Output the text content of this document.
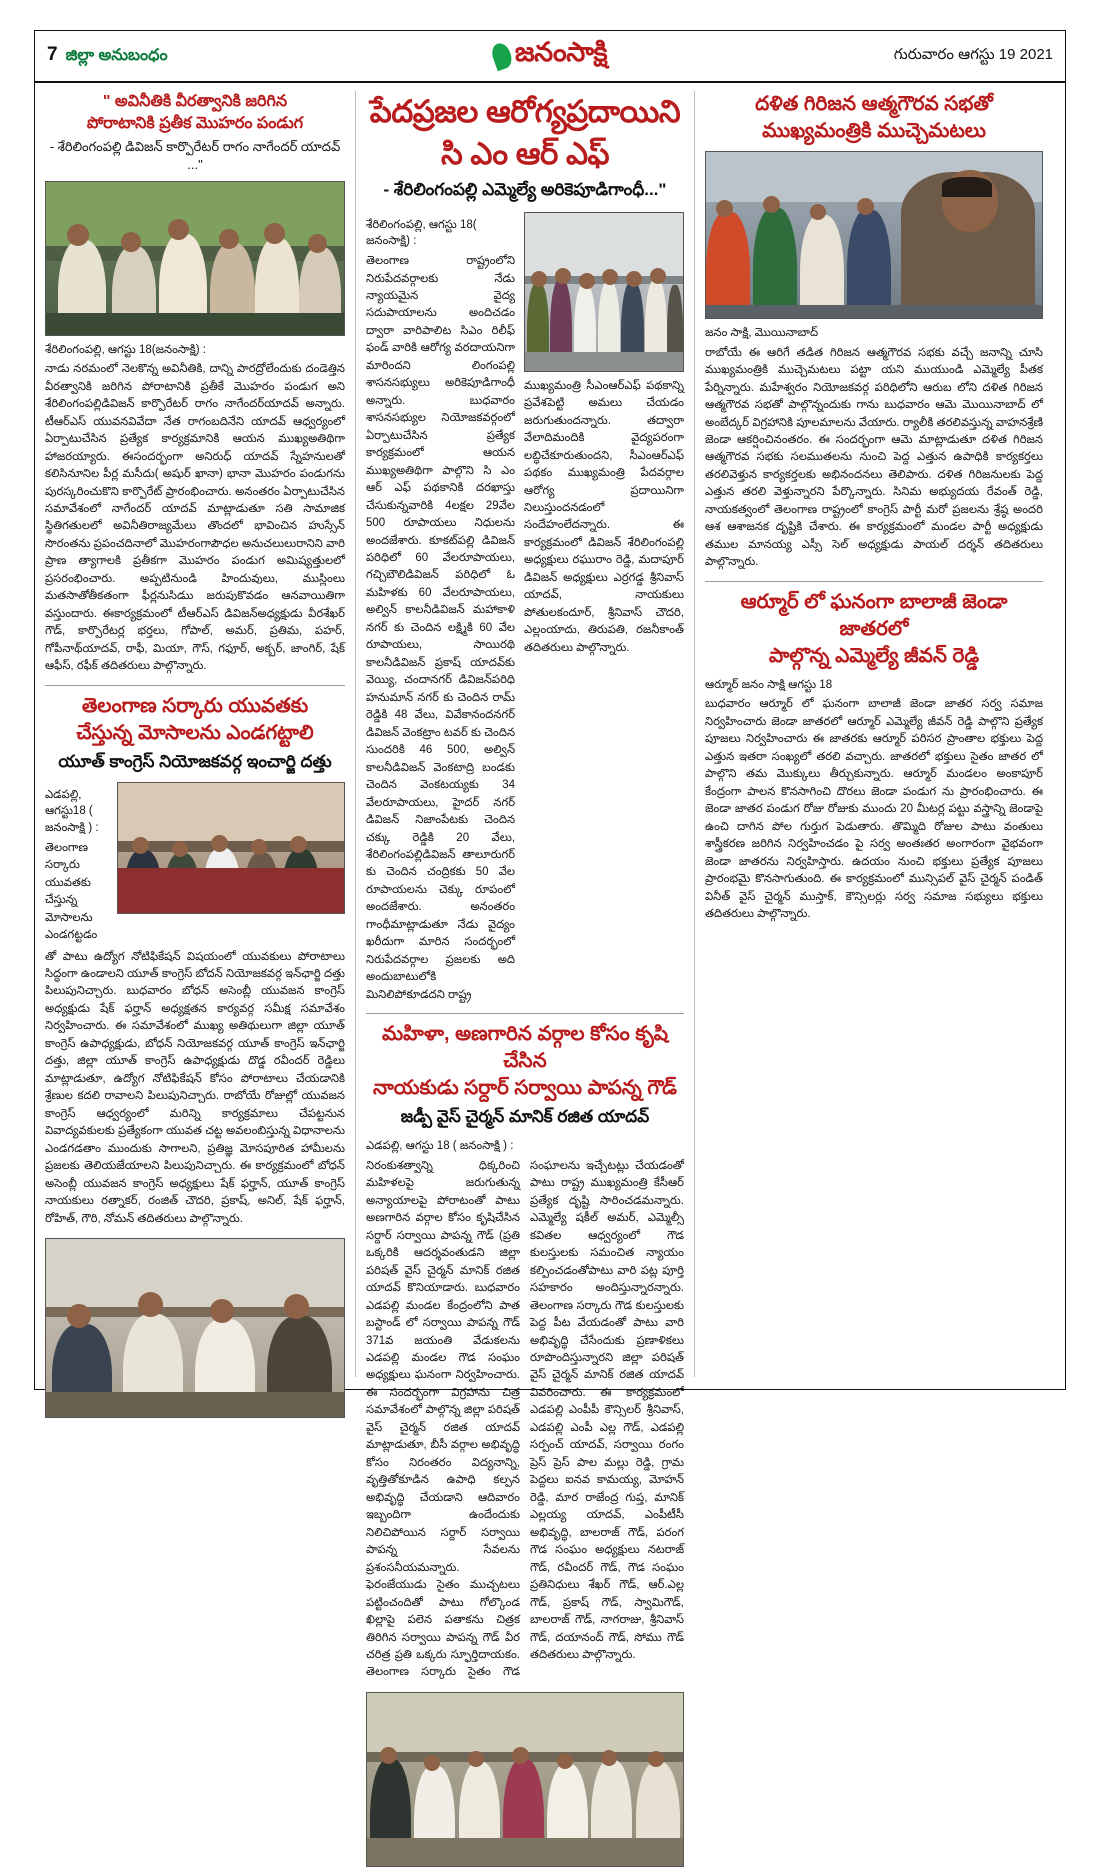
7 జిల్లా అనుబంధం	జనంసాక్షి	గురువారం ఆగస్టు 19 2021
" అవినీతికి వీరత్వానికి జరిగిన
పోరాటానికి ప్రతీక మొహరం పండుగ
- శేరిలింగంపల్లి డివిజన్ కార్పొరేటర్ రాగం నాగేందర్ యాదవ్ ..."
శేరిలింగంపల్లి, ఆగస్టు 18(జనంసాక్షి) :
నాడు నరమంలో నెలకొన్న అవినీతికి, దాన్ని పారద్రోలేందుకు దండెత్తిన వీరత్వానికి జరిగిన పోరాటానికి ప్రతీకే మొహరం పండుగ అని శేరిలింగంపల్లిడివిజన్ కార్పొరేటర్ రాగం నాగేందర్‌యాదవ్ అన్నారు. టీఆర్ఎస్ యువనవివేదా నేత రాగంబదినేని యాదవ్ ఆధ్వర్యంలో ఏర్పాటుచేసిన ప్రత్యేక కార్యక్రమానికి ఆయన ముఖ్యఅతిథిగా హాజరయ్యారు. ఈసందర్భంగా అనిరుధ్ యాదవ్ స్నేహనులతో కలిసినూనిల పీర్ల మసీదు( అషుర్ ఖానా) భానా మొహరం పండుగను పురస్కరించుకొని కార్పొరేట్ ప్రారంభించారు. అనంతరం ఏర్పాటుచేసిన సమావేశంలో నాగేందర్ యాదవ్ మాట్లాడుతూ సతి సామాజిక స్థితిగతులలో అవినీతిరాజ్యమేలు తొందలో భావించిన హుస్సేన్ సొరంతను ప్రపంచదినాలో మొహరంగాపౌధల అనుచలులురానిని వారి ప్రాణ త్యాగాలకి ప్రతీకగా మొహరం పండుగ అమిష్యత్తులలో ప్రసరంభించారు. అప్పటినుండి హిందువులు, ముస్లింలు మతసాతోతీకతంగా ఫీర్లనుసిడుు జరుపుకొవడం ఆనవాయితిగా వస్తుందారు. ఈకార్యక్రమంలో టీఆర్ఎస్ డివిజన్‌అధ్యక్షుడు వీరశేఖర్ గౌడ్, కార్పొరేటర్ల భర్తలు, గోపాల్, అమర్, ప్రతిమ, పహర్, గోపీనాథ్‌యాదవ్, రాఫీ, మియా, గౌస్, గఫూర్, అక్బర్, జాంగిర్, షేక్ ఆఫీస్, రఫీక్ తదితరులు పాల్గొన్నారు.
తెలంగాణ సర్కారు యువతకు
చేస్తున్న మోసాలను ఎండగట్టాలి
యూత్ కాంగ్రెస్ నియోజకవర్గ ఇంచార్జి దత్తు
ఎడపల్లి, ఆగస్టు18 ( జనంసాక్షి ) :
తెలంగాణ సర్కారు యువతకు చేస్తున్న మోసాలను ఎండగట్టడం
తో పాటు ఉద్యోగ నోటిఫికేషన్ విషయంలో యువకులు పోరాటాలు సిద్ధంగా ఉండాలని యూత్ కాంగ్రెస్ బోదన్ నియోజకవర్గ ఇన్‌ఛార్జి దత్తు పిలుపునిచ్చారు. బుధవారం బోధన్ అసెంబ్లీ యువజన కాంగ్రెస్ అధ్యక్షుడు షేక్ ఫర్హాన్ అధ్యక్షతన కార్యవర్గ సమీక్ష సమావేశం నిర్వహించారు. ఈ సమావేశంలో ముఖ్య అతిథులుగా జిల్లా యూత్ కాంగ్రెస్ ఉపాధ్యక్షుడు, బోధన్ నియోజకవర్గ యూత్ కాంగ్రెస్ ఇన్‌ఛార్జి దత్తు, జిల్లా యూత్ కాంగ్రెస్ ఉపాధ్యక్షుడు దొడ్డ రవీందర్ రెడ్డిలు మాట్లాడుతూ, ఉద్యోగ నోటిఫికేషన్ కోసం పోరాటాలు చేయడానికి శ్రేణుల కదలి రావాలని పిలుపునిచ్చారు. రాబోయే రోజుల్లో యువజన కాంగ్రెస్ ఆధ్వర్యంలో మరిన్ని కార్యక్రమాలు చేపట్టనున వివాద్యవకులకు ప్రత్యేకంగా యువత చట్ట అవలంబిస్తున్న విధానాలను ఎండగడతాం ముందుకు సాగాలని, ప్రతిజ్ఞ మోసపూరిత హామీలను ప్రజలకు తెలియజేయాలని పిలుపునిచ్చారు. ఈ కార్యక్రమంలో బోధన్ అసెంబ్లీ యువజన కాంగ్రెస్ అధ్యక్షులు షేక్ ఫర్హాన్, యూత్ కాంగ్రెస్ నాయకులు రత్నాకర్, రంజిత్ చౌదరి, ప్రకాష్, అనిల్, షేక్ ఫర్హాన్, రోహిత్, గౌరి, నోమన్ తదితరులు పాల్గొన్నారు.
పేదప్రజల ఆరోగ్యప్రదాయిని సి ఎం ఆర్ ఎఫ్
- శేరిలింగంపల్లి ఎమ్మెల్యే అరికెపూడిగాంధీ..."
శేరిలింగంపల్లి, ఆగస్టు 18( జనంసాక్షి) :
తెలంగాణ రాష్ట్రంలోని నిరుపేదవర్గాలకు నేడు న్యాయమైన వైద్య సదుపాయాలను అందిచడం ద్వారా వారిపాలిట సిఎం రిలీఫ్ ఫండ్ వారికి ఆరోగ్య వరదాయనిగా మారిందని లింగంపల్లి శాసనసభ్యులు అరికెపూడిగాంధీ అన్నారు. బుధవారం శాసనసభ్యుల నియోజకవర్గంలో ఏర్పాటుచేసిన ప్రత్యేక కార్యక్రమంలో ఆయన ముఖ్యఅతిథిగా పాల్గొని సి ఎం ఆర్ ఎఫ్ పథకానికి దరఖాస్తు చేసుకున్నవారికి 4లక్షల 29వేల 500 రూపాయలు నిధులను అందజేశారు. కూకట్‌పల్లి డివిజన్ పరిధిలో 60 వేలరూపాయలు, గచ్చిబౌలిడివిజన్ పరిధిలో ఓ మహిళకు 60 వేలరూపాయలు, అల్విన్ కాలనీడివిజన్ మహాకాళి నగర్ కు చెందిన లక్ష్మికి 60 వేల రూపాయలు, సాయిరథి కాలనీడివిజన్ ప్రకాష్ యాదవ్‌కు వెయ్యి, చందానగర్ డివిజన్‌పరిధి హనుమాన్ నగర్ కు చెందిన రామ్ రెడ్డికి 48 వేలు, వివేకానందనగర్ డివిజన్ వెంకట్రాం టవర్ కు చెందిన సుందరికి 46 500, అల్విన్ కాలనీడివిజన్ వెంకటాద్రి బండకు చెందిన వెంకటయ్యకు 34 వేలరూపాయలు, హైదర్ నగర్ డివిజన్ నిజాంపేటకు చెందిన చక్కు రెడ్డికి 20 వేలు, శేరిలింగంపల్లిడివిజన్ తాలూరుగర్ కు చెందిన చంద్రికకు 50 వేల రూపాయలను చెక్కు రూపంలో అందజేశారు. అనంతరం గాంధీమాట్లాడుతూ నేడు వైద్యం ఖరీదుగా మారిన సందర్భంలో నిరుపేదవర్గాల ప్రజలకు అది అందుబాటులోకి మినిలిపోకూడదని రాష్ట్ర
ముఖ్యమంత్రి సీఎంఆర్ఎఫ్ పథకాన్ని ప్రవేశపెట్టి అమలు చేయడం జరుగుతుందన్నారు. తద్వారా వేలాదిమందికి వైద్యపరంగా లబ్ధిచేకూరుతుందని, సీఎంఆర్ఎఫ్ పథకం ముఖ్యమంత్రి పేదవర్గాల ఆరోగ్య ప్రదాయినిగా నిలుస్తుందనడంలో సందేహంలేదన్నారు. ఈ కార్యక్రమంలో డివిజన్ శేరిలింగంపల్లి అధ్యక్షులు రఘురాం రెడ్డి, మదాపూర్ డివిజన్ అధ్యక్షులు ఎర్రగడ్డ శ్రీనివాస్ యాదవ్, నాయకులు పోతులకందూర్, శ్రీనివాస్ చౌదరి, ఎల్లంయాదు, తిరుపతి, రజనీకాంత్ తదితరులు పాల్గొన్నారు.
మహిళా, అణగారిన వర్గాల కోసం కృషి చేసిన
నాయకుడు సర్దార్ సర్వాయి పాపన్న గౌడ్
జడ్పీ వైస్ చైర్మన్ మానిక్ రజిత యాదవ్
ఎడపల్లి, ఆగస్టు 18 ( జనంసాక్షి ) :
నిరంకుశత్వాన్ని ధిక్కరించి మహిళలపై జరుగుతున్న అన్యాయాలపై పోరాటంతో పాటు అణగారిన వర్గాల కోసం కృషిచేసిన సర్దార్ సర్వాయి పాపన్న గౌడ్ (ప్రతి ఒక్కరికి ఆదర్శవంతుడని జిల్లా పరిషత్ వైస్ చైర్మన్ మానిక్ రజిత యాదవ్ కొనియాడారు. బుధవారం ఎడపల్లి మండల కేంద్రంలోని పాత బస్టాండ్ లో సర్వాయి పాపన్న గౌడ్ 371వ జయంతి వేడుకలను ఎడపల్లి మండల గౌడ సంఘం అధ్యక్షులు ఘనంగా నిర్వహించారు. ఈ సందర్భంగా విగ్రహాను చిత్ర సమావేశంలో పాల్గొన్న జిల్లా పరిషత్ వైస్ చైర్మన్ రజిత యాదవ్ మాట్లాడుతూ, బీసీ వర్గాల అభివృద్ధి కోసం నిరంతరం విద్యనాన్ని, వృత్తితోకూడిన ఉపాధి కల్పన అభివృద్ధి చేయడాని ఆదివారం ఇబ్బందిగా ఉందేందుకు నిలిచిపోయిన సర్దార్ సర్వాయి పాపన్న సేవలను ప్రశంసనీయమన్నారు. ఫెరంజేయుడు సైతం ముచ్చటలు పట్టించందితో పాటు గోల్కొండ ఖిల్లాపై పలెన పతాకను చిత్రక తిరిగిన సర్వాయి పాపన్న గౌడ్ వీర చరిత్ర ప్రతి ఒక్కరు స్ఫూర్తిదాయకం. తెలంగాణ సర్కారు సైతం గౌడ సంఘాలను ఇచ్చేటట్లు చేయడంతో పాటు రాష్ట్ర ముఖ్యమంత్రి కేసీఆర్ ప్రత్యేక దృష్టి సారించడమన్నారు. ఎమ్మెల్యే షకీల్ అమర్, ఎమ్మెల్సీ కవితల ఆధ్వర్యంలో గౌడ కులస్తులకు సమంచిత న్యాయం కల్పించడంతోపాటు వారి పట్ల పూర్తి సహకారం అందిస్తున్నారన్నారు. తెలంగాణ సర్కారు గౌడ కులస్తులకు పెద్ద పీట వేయడంతో పాటు వారి అభివృద్ధి చేసేందుకు ప్రణాళికలు రూపొందిస్తున్నారని జిల్లా పరిషత్ వైస్ చైర్మన్ మానిక్ రజిత యాదవ్ వివరించారు. ఈ కార్యక్రమంలో ఎడపల్లి ఎంపీపీ కౌన్సిలర్ శ్రీనివాస్, ఎడపల్లి ఎంపీ ఎల్ల గౌడ్, ఎడపల్లి సర్పంచ్ యాదవ్, సర్వాయి రంగం ప్రెస్ ప్రెస్ పాల మల్లు రెడ్డి, గ్రామ పెద్దలు ఐనవ కామయ్య, మోహన్ రెడ్డి, మార రాజేంద్ర గుప్త, మానిక్ ఎల్లయ్య యాదవ్, ఎంపీటీసీ అభివృద్ధి, బాలరాజ్ గౌడ్, పరంగ గౌడ సంఘం అధ్యక్షులు నటరాజ్ గౌడ్, రవీందర్ గౌడ్, గౌడ సంఘం ప్రతినిధులు శేఖర్ గౌడ్, ఆర్.ఎల్ల గౌడ్, ప్రకాష్ గౌడ్, స్వామిగౌడ్, బాలరాజ్ గౌడ్, నాగరాజు, శ్రీనివాస్ గౌడ్, దయానంద్ గౌడ్, సోము గౌడ్ తదితరులు పాల్గొన్నారు.
దళిత గిరిజన ఆత్మగౌరవ సభతో
ముఖ్యమంత్రికి ముచ్చెమటలు
జనం సాక్షి, మొయినాబాద్
రాబోయే ఈ ఆరిగే తడిత గిరిజన ఆత్మగౌరవ సభకు వచ్చే జనాన్ని చూసి ముఖ్యమంత్రికి ముచ్చెమటలు పట్టా యని ముయుండి ఎమ్మెల్యే పీతక పేర్నిన్నారు. మహేశ్వరం నియోజకవర్గ పరిధిలోని ఆరుబ లోని దళిత గిరిజన ఆత్మగౌరవ సభతో పాల్గొన్నందుకు గాను బుధవారం ఆమె మొయినాబాద్ లో అంబేద్కర్ విగ్రహానికి పూలమాలను వేయారు. ర్యాలీకి తరలివస్తున్న వాహనశ్రేణి జెండా ఆకర్షించినంతరం. ఈ సందర్భంగా ఆమె మాట్లాడుతూ దళిత గిరిజన ఆత్మగౌరవ సభకు సలముతలను నుంచి పెద్ద ఎత్తున ఉపాధికి కార్యకర్తలు తరలివెళ్తున కార్యకర్తలకు అభినందనలు తెలిపారు. దళిత గిరిజనులకు పెద్ద ఎత్తున తరలి వెళ్తున్నారని పేర్కొన్నారు. సినిమ అభ్యుదయ రేవంత్ రెడ్డి, నాయకత్వంలో తెలంగాణ రాష్ట్రంలో కాంగ్రెస్ పార్టీ మరో ప్రజలను శ్రేష్ఠ అందరి ఆశ ఆశాజనక దృష్టికి చేశారు. ఈ కార్యక్రమంలో మండల పార్టీ అధ్యక్షుడు తముల మానయ్య ఎస్సీ సెల్ అధ్యక్షుడు పాయల్ దర్శన్ తదితరులు పాల్గొన్నారు.
ఆర్మూర్ లో ఘనంగా బాలాజీ జెండా జాతరలో
పాల్గొన్న ఎమ్మెల్యే జీవన్ రెడ్డి
ఆర్మూర్ జనం సాక్షి ఆగస్టు 18
బుధవారం ఆర్మూర్ లో ఘనంగా బాలాజీ జెండా జాతర సర్వ సమాజ నిర్వహించారు జెండా జాతరలో ఆర్మూర్ ఎమ్మెల్యే జీవన్ రెడ్డి పాల్గొని ప్రత్యేక పూజలు నిర్వహించారు ఈ జాతరకు ఆర్మూర్ పరిసర ప్రాంతాల భక్తులు పెద్ద ఎత్తున ఇతరా సంఖ్యలో తరలి వచ్చారు. జాతరలో భక్తులు సైతం జాతర లో పాల్గొని తమ మొక్కులు తీర్చుకున్నారు. ఆర్మూర్ మండలం అంకాపూర్ కేంద్రంగా పాలన కొనసాగించి దొరలు జెండా పండుగ ను ప్రారంభించారు. ఈ జెండా జాతర పండుగ రోజు రోజుకు ముందు 20 మీటర్ల పట్టు వస్త్రాన్ని జెండాపై ఉంచి దాగిన పోల గుర్తుగ పెడుతారు. తొమ్మిది రోజుల పాటు వంతులు శాస్త్రీకరణ జరిగిన నిర్వహించడం పై సర్వ అంతఃతర అంగారంగా వైభవంగా జెండా జాతరను నిర్వహిస్తారు. ఉదయం నుంచి భక్తులు ప్రత్యేక పూజలు ప్రారంభమై కొనసాగుతుంది. ఈ కార్యక్రమంలో మున్సిపల్ వైస్ చైర్మన్ పండిత్ వినీత్ వైస్ చైర్మన్ ముస్తాక్, కౌన్సిలర్లు సర్వ సమాజ సభ్యులు భక్తులు తదితరులు పాల్గొన్నారు.
